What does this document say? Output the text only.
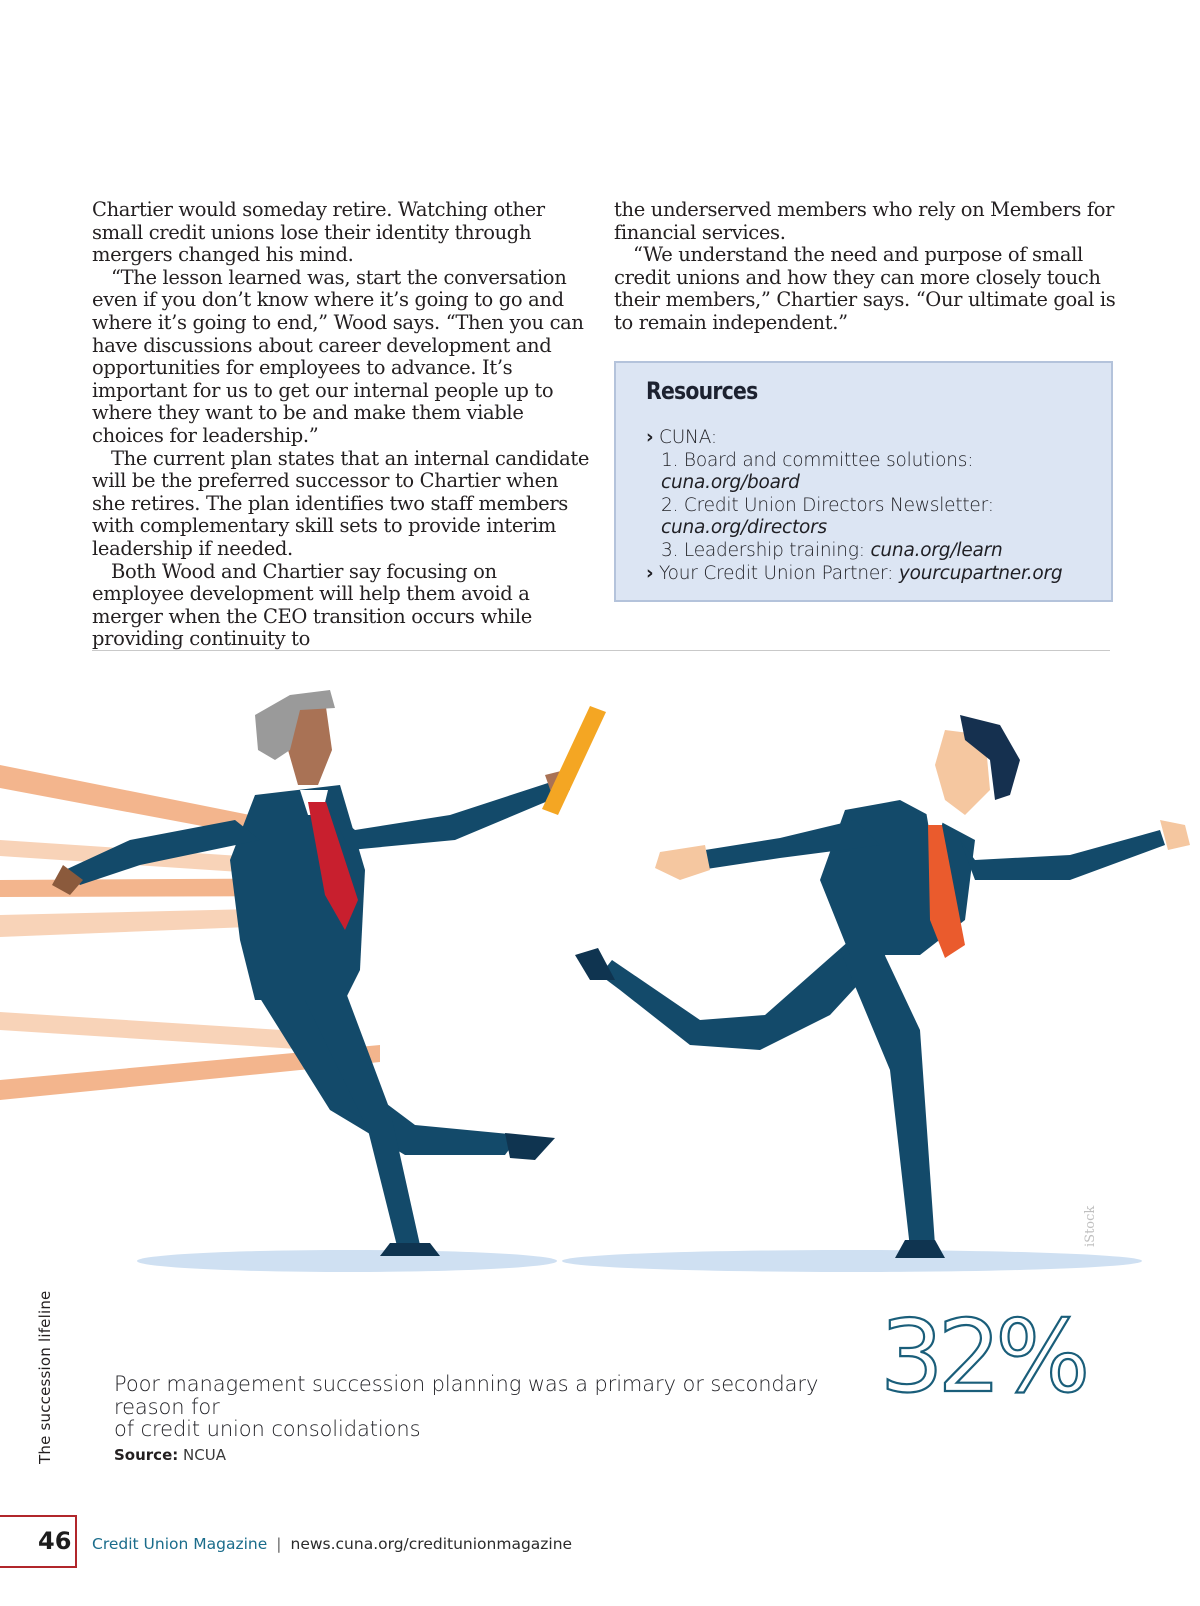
Chartier would someday retire. Watching other small credit unions lose their identity through mergers changed his mind.

“The lesson learned was, start the conversation even if you don’t know where it’s going to go and where it’s going to end,” Wood says. “Then you can have discussions about career development and opportunities for employees to advance. It’s important for us to get our internal people up to where they want to be and make them viable choices for leadership.”

The current plan states that an internal candidate will be the preferred successor to Chartier when she retires. The plan identifies two staff members with complementary skill sets to provide interim leadership if needed.

Both Wood and Chartier say focusing on employee development will help them avoid a merger when the CEO transition occurs while providing continuity to

the underserved members who rely on Members for financial services.

“We understand the need and purpose of small credit unions and how they can more closely touch their members,” Chartier says. “Our ultimate goal is to remain independent.”

Resources
› CUNA:
1. Board and committee solutions:
cuna.org/board
2. Credit Union Directors Newsletter:
cuna.org/directors
3. Leadership training: cuna.org/learn
› Your Credit Union Partner: yourcupartner.org
iStock
32%
Poor management succession planning was a primary or secondary reason for
of credit union consolidations
Source: NCUA
The succession lifeline
46 Credit Union Magazine | news.cuna.org/creditunionmagazine
